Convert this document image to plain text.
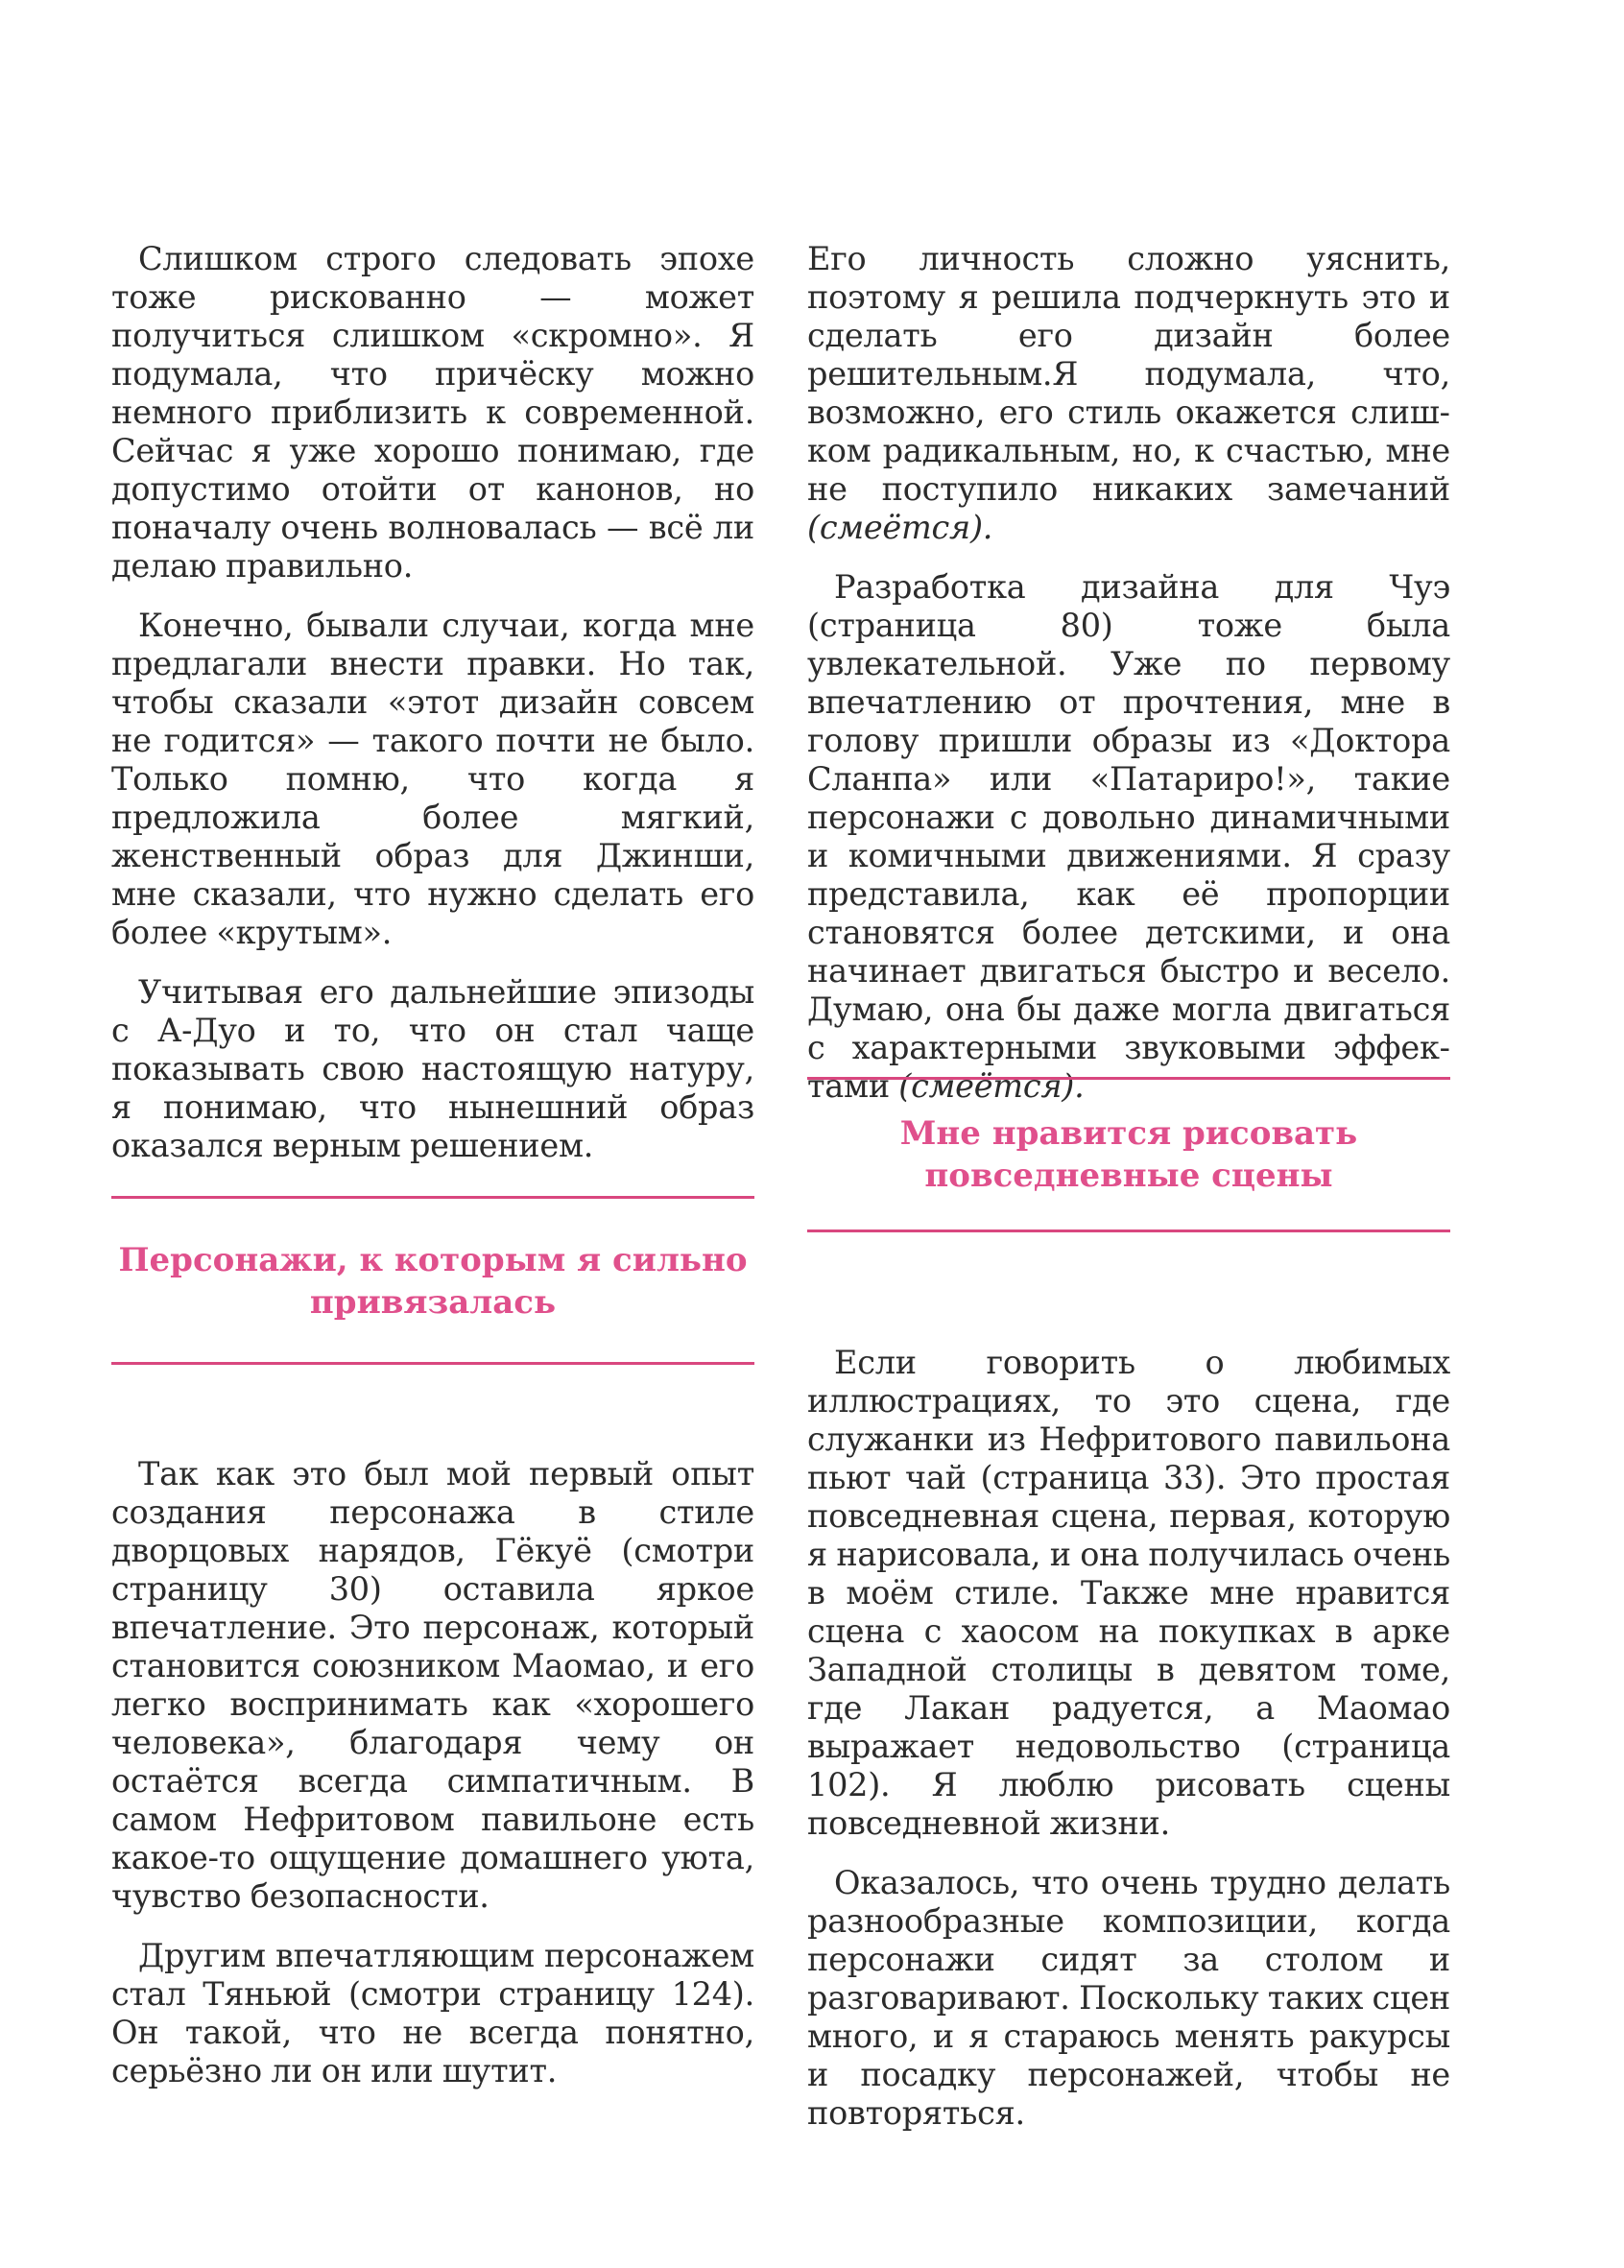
Слишком строго следовать эпохе тоже рискованно — может получиться слишком «скромно». Я подумала, что причёску можно немного приблизить к современной. Сейчас я уже хорошо понимаю, где допустимо отойти от канонов, но поначалу очень волновалась — всё ли делаю правильно.

Конечно, бывали случаи, когда мне предлагали внести правки. Но так, чтобы сказали «этот дизайн совсем не годится» — такого почти не было. Только помню, что когда я предложила более мягкий, женственный образ для Джинши, мне сказали, что нужно сделать его более «крутым».

Учитывая его дальнейшие эпизоды с А-Дуо и то, что он стал чаще показывать свою настоящую натуру, я понимаю, что нынешний образ оказался верным решением.

Персонажи, к которым я сильно привязалась

Так как это был мой первый опыт создания персонажа в стиле дворцовых нарядов, Гёкуё (смотри страницу 30) оставила яркое впечатление. Это персонаж, который становится союзником Маомао, и его легко воспринимать как «хорошего человека», благодаря чему он остаётся всегда симпатичным. В самом Нефритовом павильоне есть какое-то ощущение домашнего уюта, чувство безопасности.

Другим впечатляющим персонажем стал Тяньюй (смотри страницу 124). Он такой, что не всегда понятно, серьёзно ли он или шутит.

Его личность сложно уяснить, поэтому я решила подчеркнуть это и сделать его дизайн более решительным.Я подумала, что, возможно, его стиль окажется слишком радикальным, но, к счастью, мне не поступило никаких замечаний (смеётся).

Разработка дизайна для Чуэ (страница 80) тоже была увлекательной. Уже по первому впечатлению от прочтения, мне в голову пришли образы из «Доктора Сланпа» или «Патариро!», такие персонажи с довольно динамичными и комичными движениями. Я сразу представила, как её пропорции становятся более детскими, и она начинает двигаться быстро и весело. Думаю, она бы даже могла двигаться с характерными звуковыми эффектами (смеётся).

Мне нравится рисовать повседневные сцены

Если говорить о любимых иллюстрациях, то это сцена, где служанки из Нефритового павильона пьют чай (страница 33). Это простая повседневная сцена, первая, которую я нарисовала, и она получилась очень в моём стиле. Также мне нравится сцена с хаосом на покупках в арке Западной столицы в девятом томе, где Лакан радуется, а Маомао выражает недовольство (страница 102). Я люблю рисовать сцены повседневной жизни.

Оказалось, что очень трудно делать разнообразные композиции, когда персонажи сидят за столом и разговаривают. Поскольку таких сцен много, и я стараюсь менять ракурсы и посадку персонажей, чтобы не повторяться.
